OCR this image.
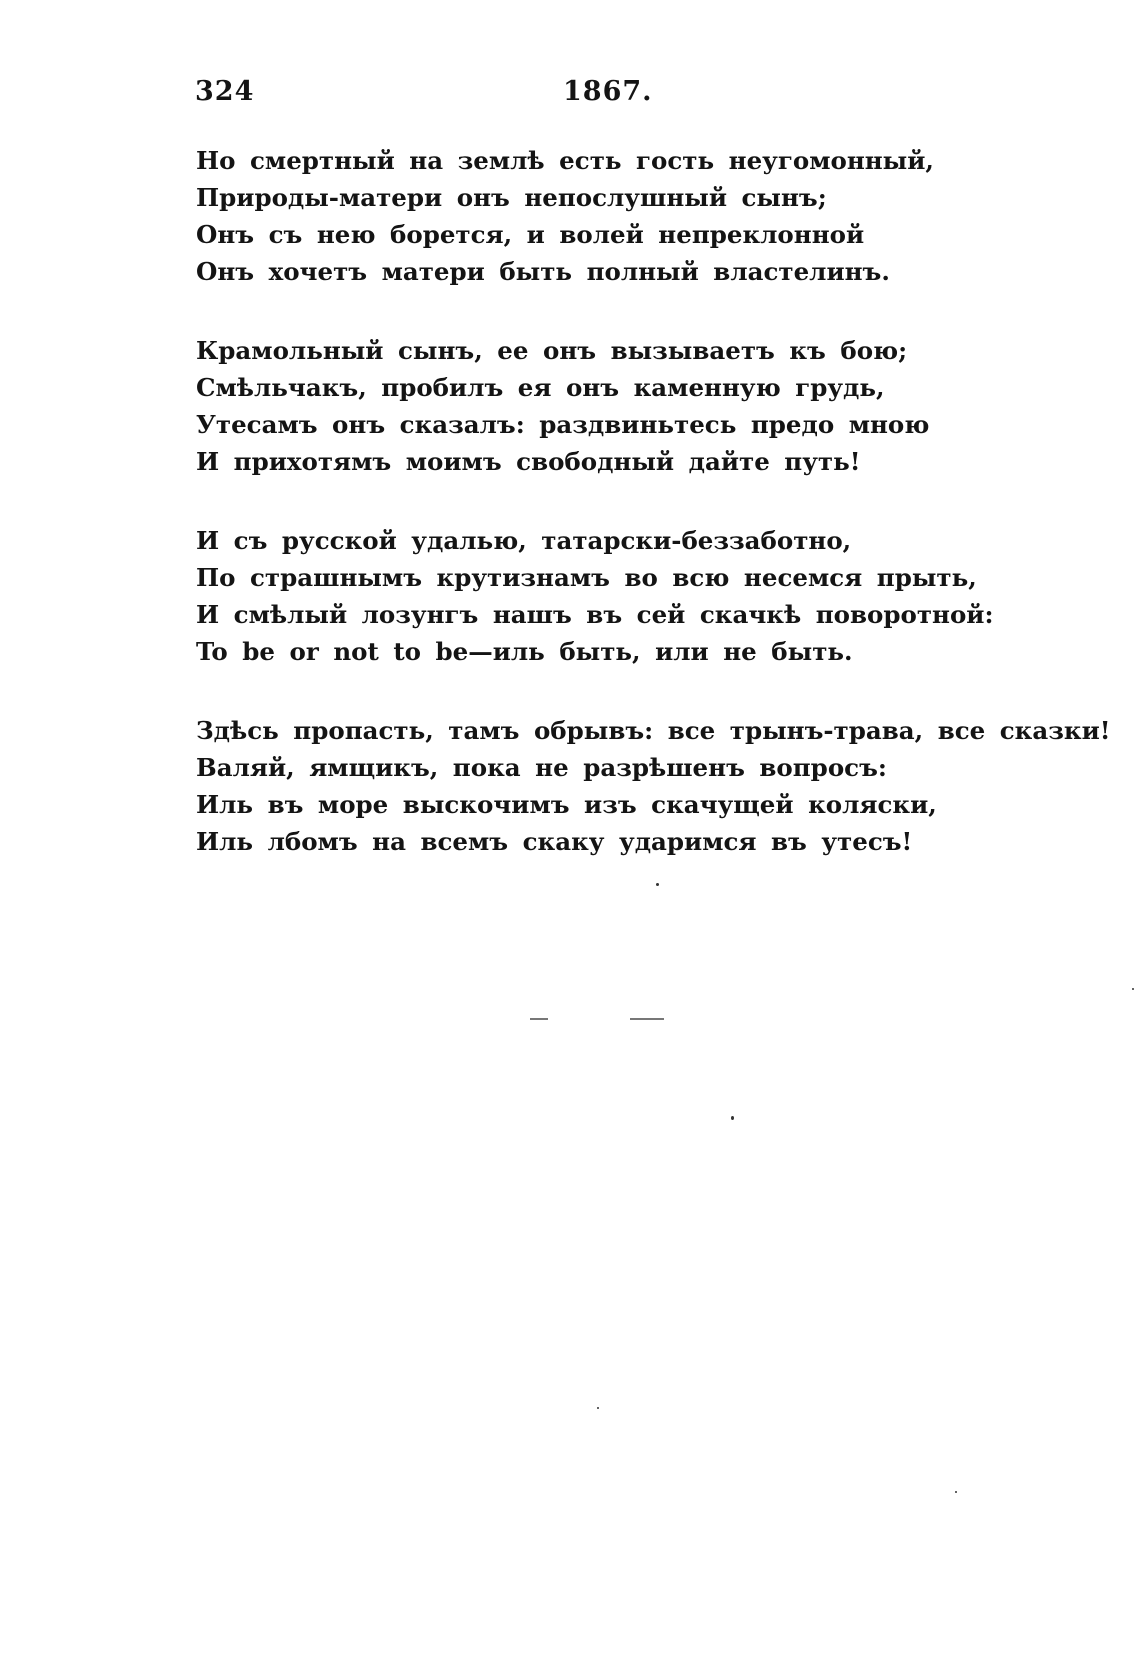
324	1867.
Но смертный на землѣ есть гость неугомонный,
Природы-матери онъ непослушный сынъ;
Онъ съ нею борется, и волей непреклонной
Онъ хочетъ матери быть полный властелинъ.
Крамольный сынъ, ее онъ вызываетъ къ бою;
Смѣльчакъ, пробилъ ея онъ каменную грудь,
Утесамъ онъ сказалъ: раздвиньтесь предо мною
И прихотямъ моимъ свободный дайте путь!
И съ русской удалью, татарски-беззаботно,
По страшнымъ крутизнамъ во всю несемся прыть,
И смѣлый лозунгъ нашъ въ сей скачкѣ поворотной:
To be or not to be—иль быть, или не быть.
Здѣсь пропасть, тамъ обрывъ: все трынъ-трава, все сказки!
Валяй, ямщикъ, пока не разрѣшенъ вопросъ:
Иль въ море выскочимъ изъ скачущей коляски,
Иль лбомъ на всемъ скаку ударимся въ утесъ!
